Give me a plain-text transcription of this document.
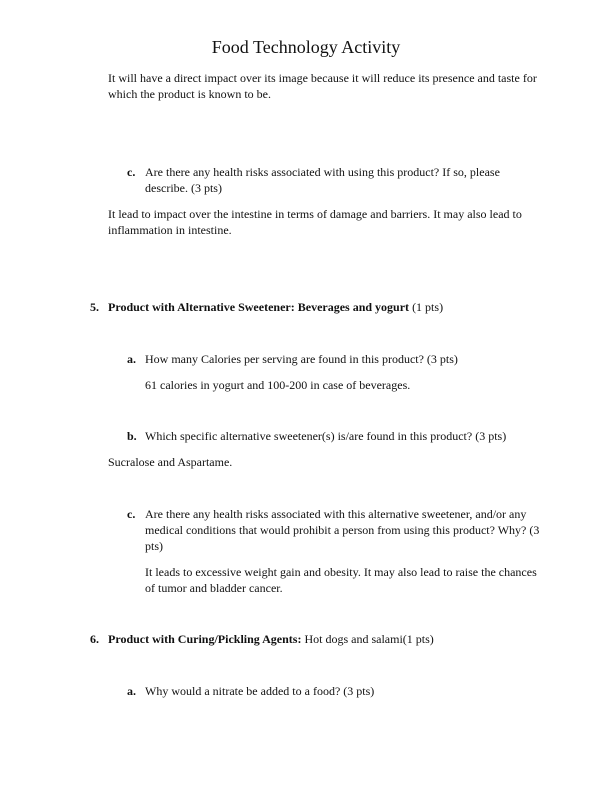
Food Technology Activity
It will have a direct impact over its image because it will reduce its presence and taste for which the product is known to be.
c. Are there any health risks associated with using this product? If so, please describe. (3 pts)
It lead to impact over the intestine in terms of damage and barriers. It may also lead to inflammation in intestine.
5. Product with Alternative Sweetener: Beverages and yogurt (1 pts)
a. How many Calories per serving are found in this product? (3 pts)
61 calories in yogurt and 100-200 in case of beverages.
b. Which specific alternative sweetener(s) is/are found in this product? (3 pts)
Sucralose and Aspartame.
c. Are there any health risks associated with this alternative sweetener, and/or any medical conditions that would prohibit a person from using this product? Why? (3 pts)
It leads to excessive weight gain and obesity. It may also lead to raise the chances of tumor and bladder cancer.
6. Product with Curing/Pickling Agents: Hot dogs and salami(1 pts)
a. Why would a nitrate be added to a food? (3 pts)
